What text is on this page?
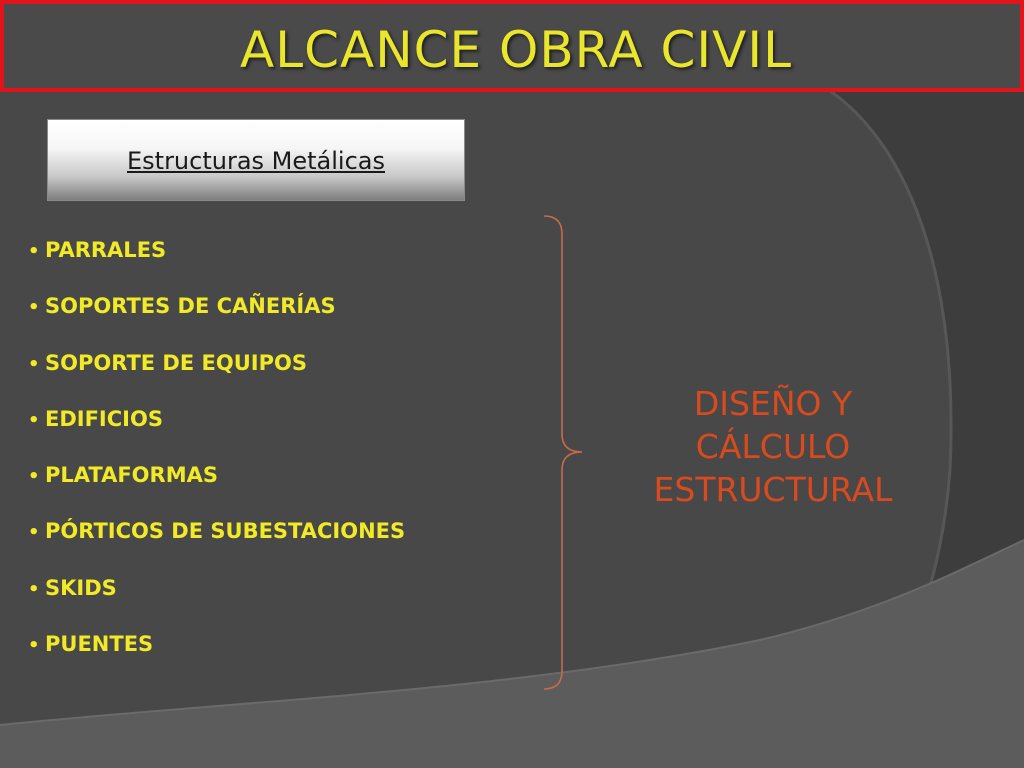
ALCANCE OBRA CIVIL
Estructuras Metálicas
• PARRALES
• SOPORTES DE CAÑERÍAS
• SOPORTE DE EQUIPOS
• EDIFICIOS
• PLATAFORMAS
• PÓRTICOS DE SUBESTACIONES
• SKIDS
• PUENTES
DISEÑO Y
CÁLCULO
ESTRUCTURAL
